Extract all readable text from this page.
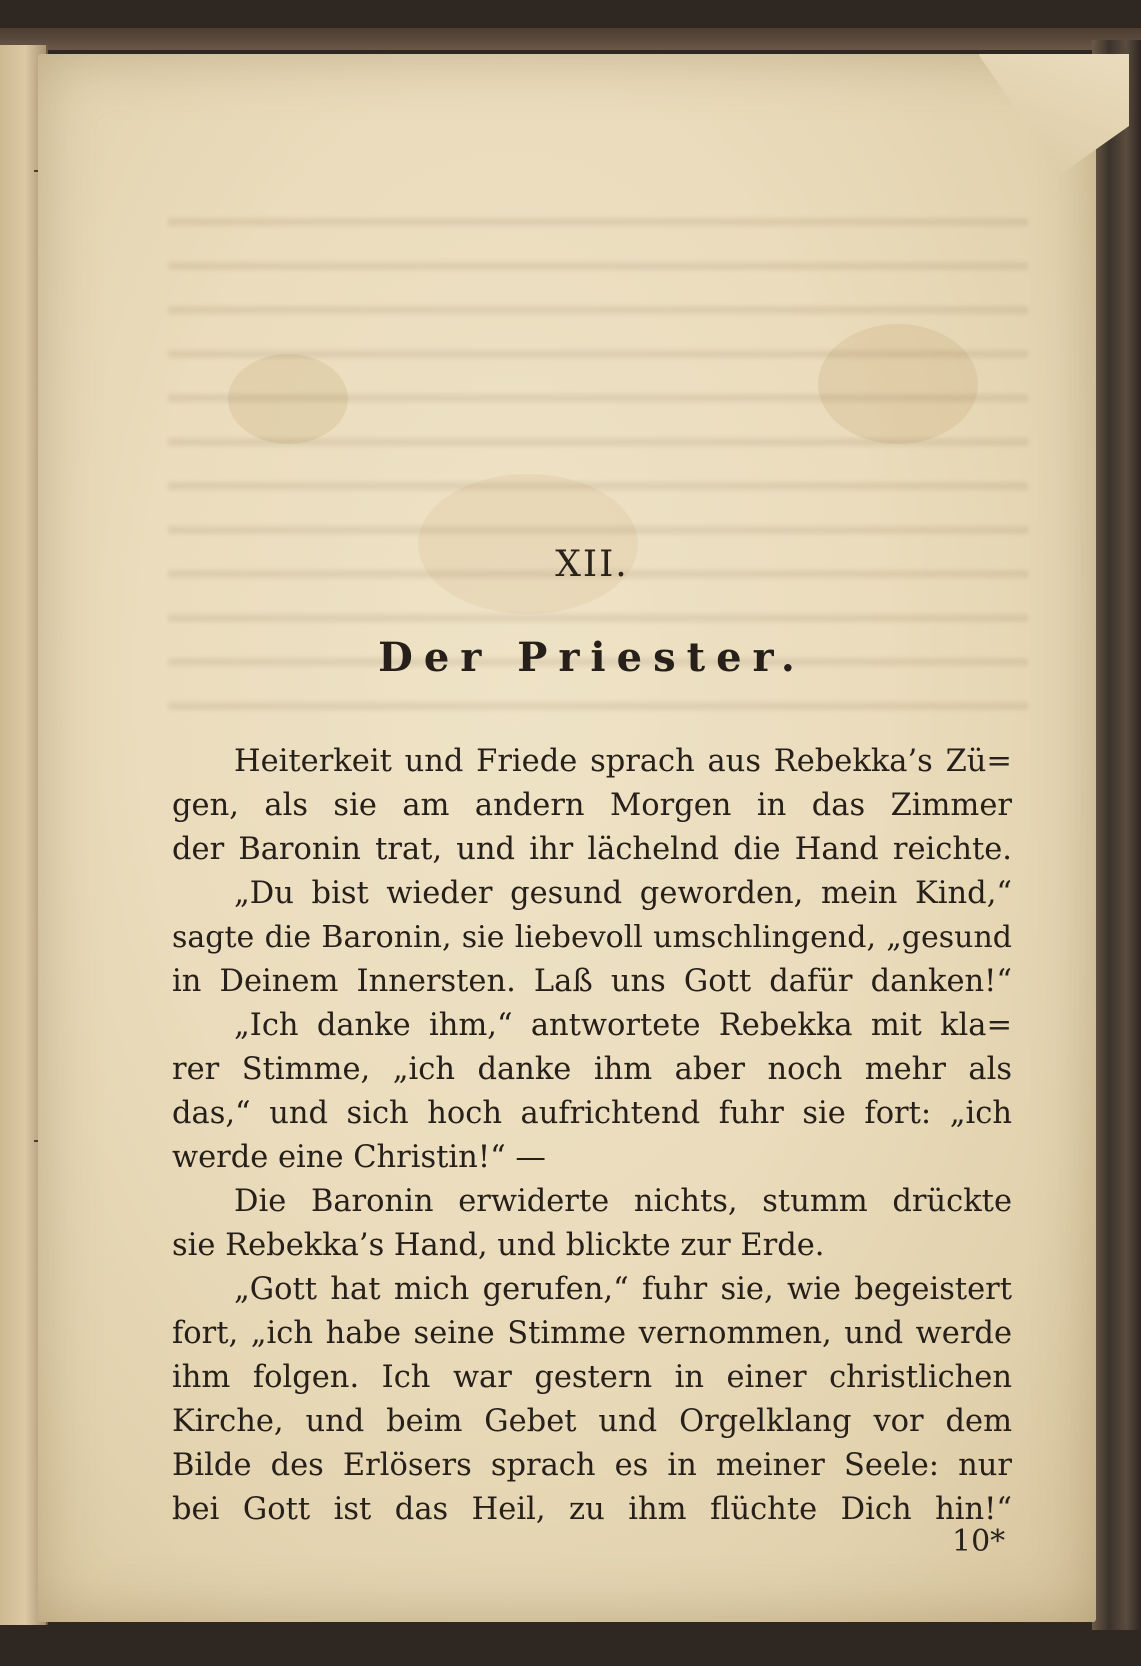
XII.
Der Priester.
Heiterkeit und Friede sprach aus Rebekka’s Zü=
gen, als sie am andern Morgen in das Zimmer
der Baronin trat, und ihr lächelnd die Hand reichte.
„Du bist wieder gesund geworden, mein Kind,“
sagte die Baronin, sie liebevoll umschlingend, „gesund
in Deinem Innersten. Laß uns Gott dafür danken!“
„Ich danke ihm,“ antwortete Rebekka mit kla=
rer Stimme, „ich danke ihm aber noch mehr als
das,“ und sich hoch aufrichtend fuhr sie fort: „ich
werde eine Christin!“ —
Die Baronin erwiderte nichts, stumm drückte
sie Rebekka’s Hand, und blickte zur Erde.
„Gott hat mich gerufen,“ fuhr sie, wie begeistert
fort, „ich habe seine Stimme vernommen, und werde
ihm folgen. Ich war gestern in einer christlichen
Kirche, und beim Gebet und Orgelklang vor dem
Bilde des Erlösers sprach es in meiner Seele: nur
bei Gott ist das Heil, zu ihm flüchte Dich hin!“
10*
